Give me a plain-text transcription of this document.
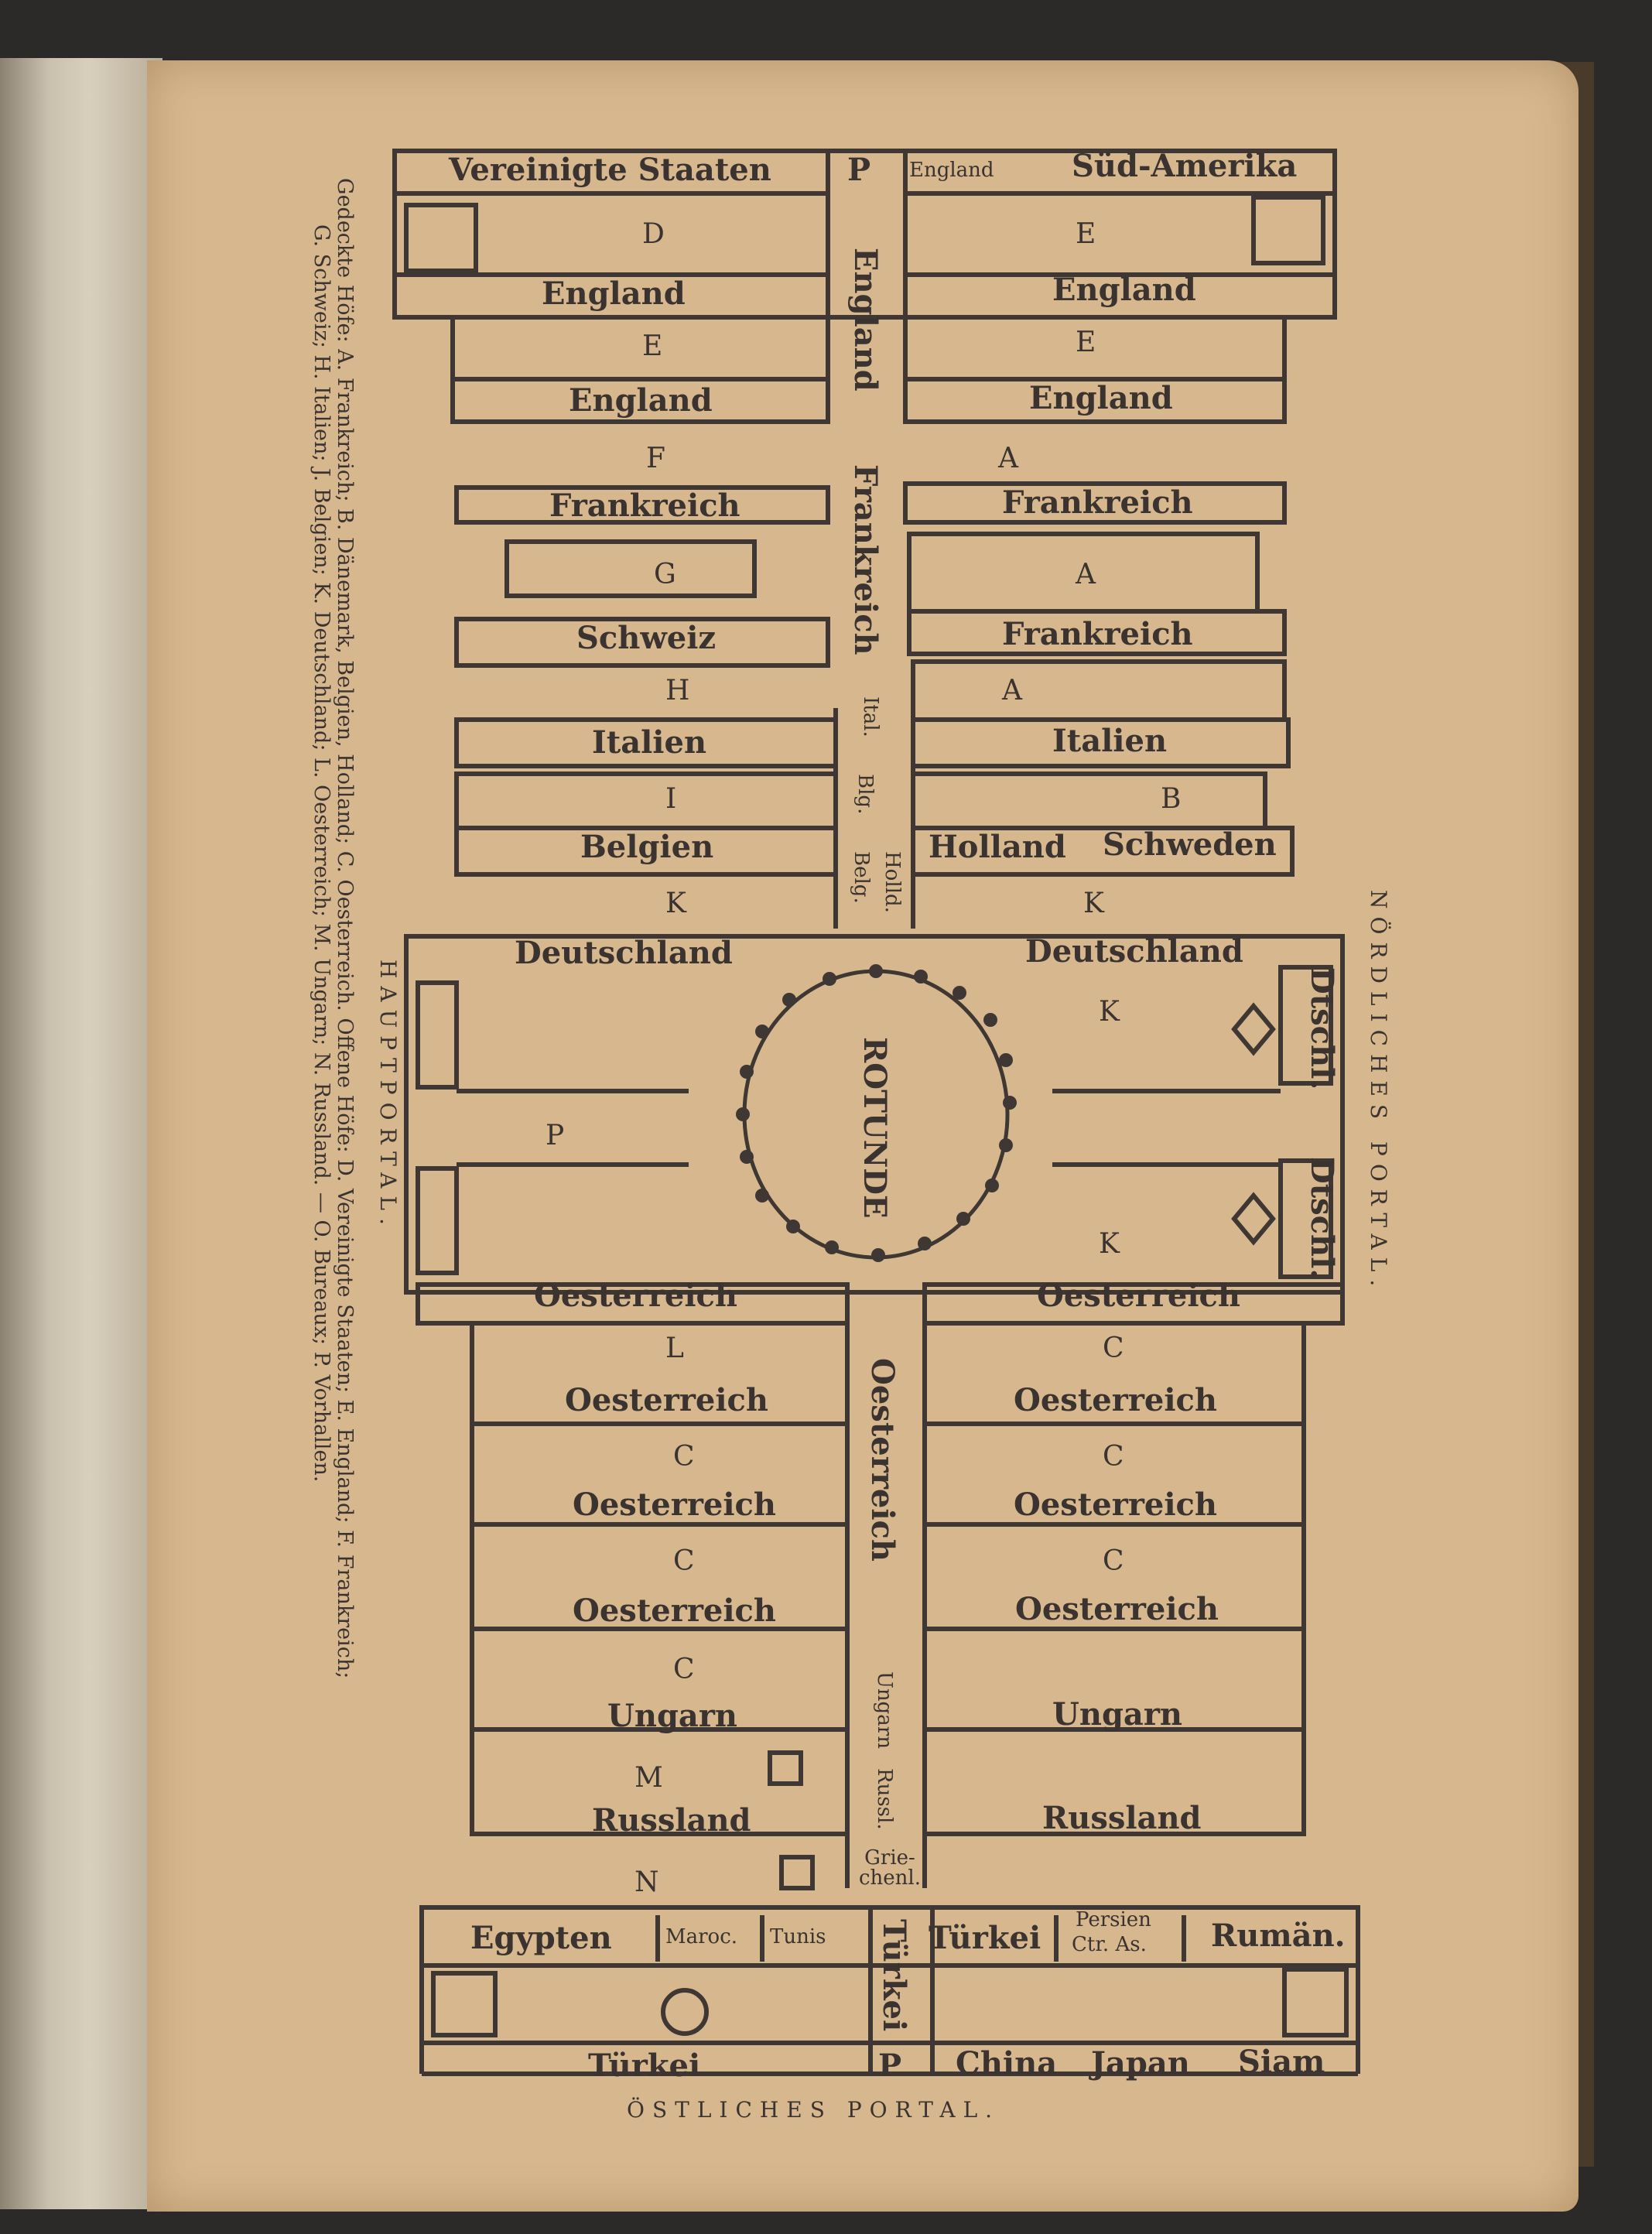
NÖRDLICHES PORTAL.
ÖSTLICHES PORTAL.
HAUPTPORTAL.
Gedeckte Höfe: A. Frankreich; B. Dänemark, Belgien, Holland; C. Oesterreich. Offene Höfe: D. Vereinigte Staaten; E. England; F. Frankreich;
G. Schweiz; H. Italien; J. Belgien; K. Deutschland; L. Oesterreich; M. Ungarn; N. Russland. — O. Bureaux; P. Vorhallen.	ROTUNDE
Vereinigte Staaten P England	Süd-Amerika
England
Frankreich
Ital.
Blg.
Holld.
Belg.
Oesterreich
Ungarn
Russl.
Grie-chenl.
Türkei
England	England
England	England
Frankreich	Frankreich
Frankreich
Schweiz
Italien	Italien
Belgien	Holland Schweden
Deutschland	Deutschland
Dtschl.
Dtschl.
Oesterreich	Oesterreich
Oesterreich	Oesterreich
Oesterreich	Oesterreich
Oesterreich	Oesterreich
Ungarn	Ungarn
Russland	Russland
Egypten	Maroc. Tunis	Türkei Persien
Ctr. As. Rumän.
Türkei	P China Japan Siam
D	E
E	E
F	A
G	A
H	A
I	B
K	K
K
K
P
L	C
C	C
C	C
C
M
N
